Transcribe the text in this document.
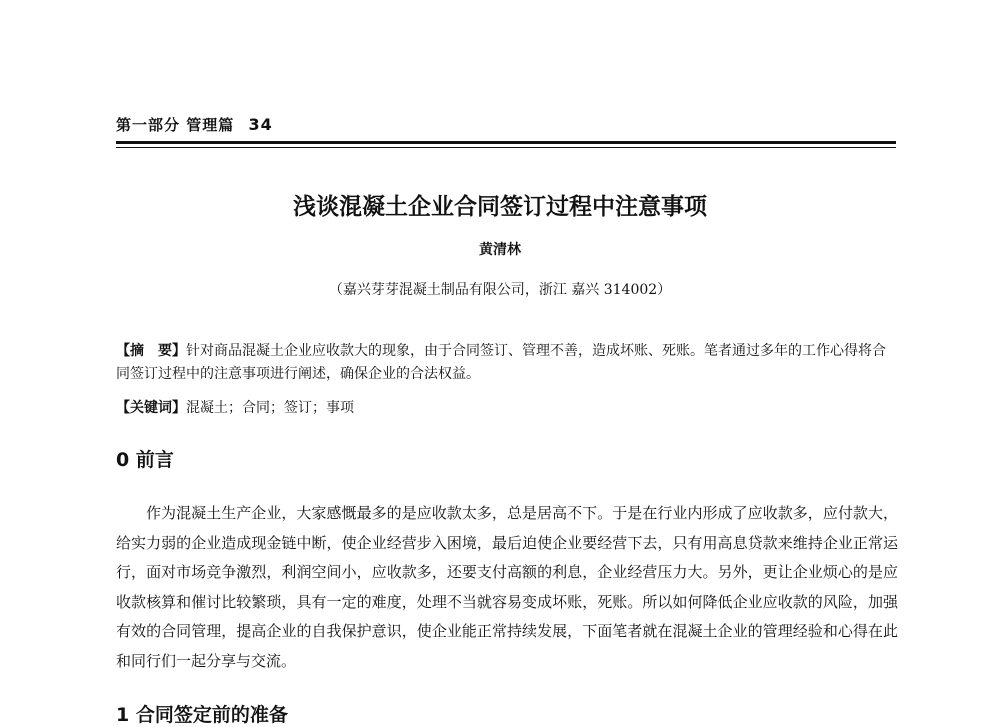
第一部分 管理篇 34
浅谈混凝土企业合同签订过程中注意事项
黄清林
（嘉兴芽芽混凝土制品有限公司，浙江 嘉兴 314002）

【摘　要】针对商品混凝土企业应收款大的现象，由于合同签订、管理不善，造成坏账、死账。笔者通过多年的工作心得将合同签订过程中的注意事项进行阐述，确保企业的合法权益。

【关键词】混凝土；合同；签订；事项

0 前言

作为混凝土生产企业，大家感慨最多的是应收款太多，总是居高不下。于是在行业内形成了应收款多，应付款大，给实力弱的企业造成现金链中断，使企业经营步入困境，最后迫使企业要经营下去，只有用高息贷款来维持企业正常运行，面对市场竞争激烈，利润空间小，应收款多，还要支付高额的利息，企业经营压力大。另外，更让企业烦心的是应收款核算和催讨比较繁琐，具有一定的难度，处理不当就容易变成坏账，死账。所以如何降低企业应收款的风险，加强有效的合同管理，提高企业的自我保护意识，使企业能正常持续发展，下面笔者就在混凝土企业的管理经验和心得在此和同行们一起分享与交流。

1 合同签定前的准备
